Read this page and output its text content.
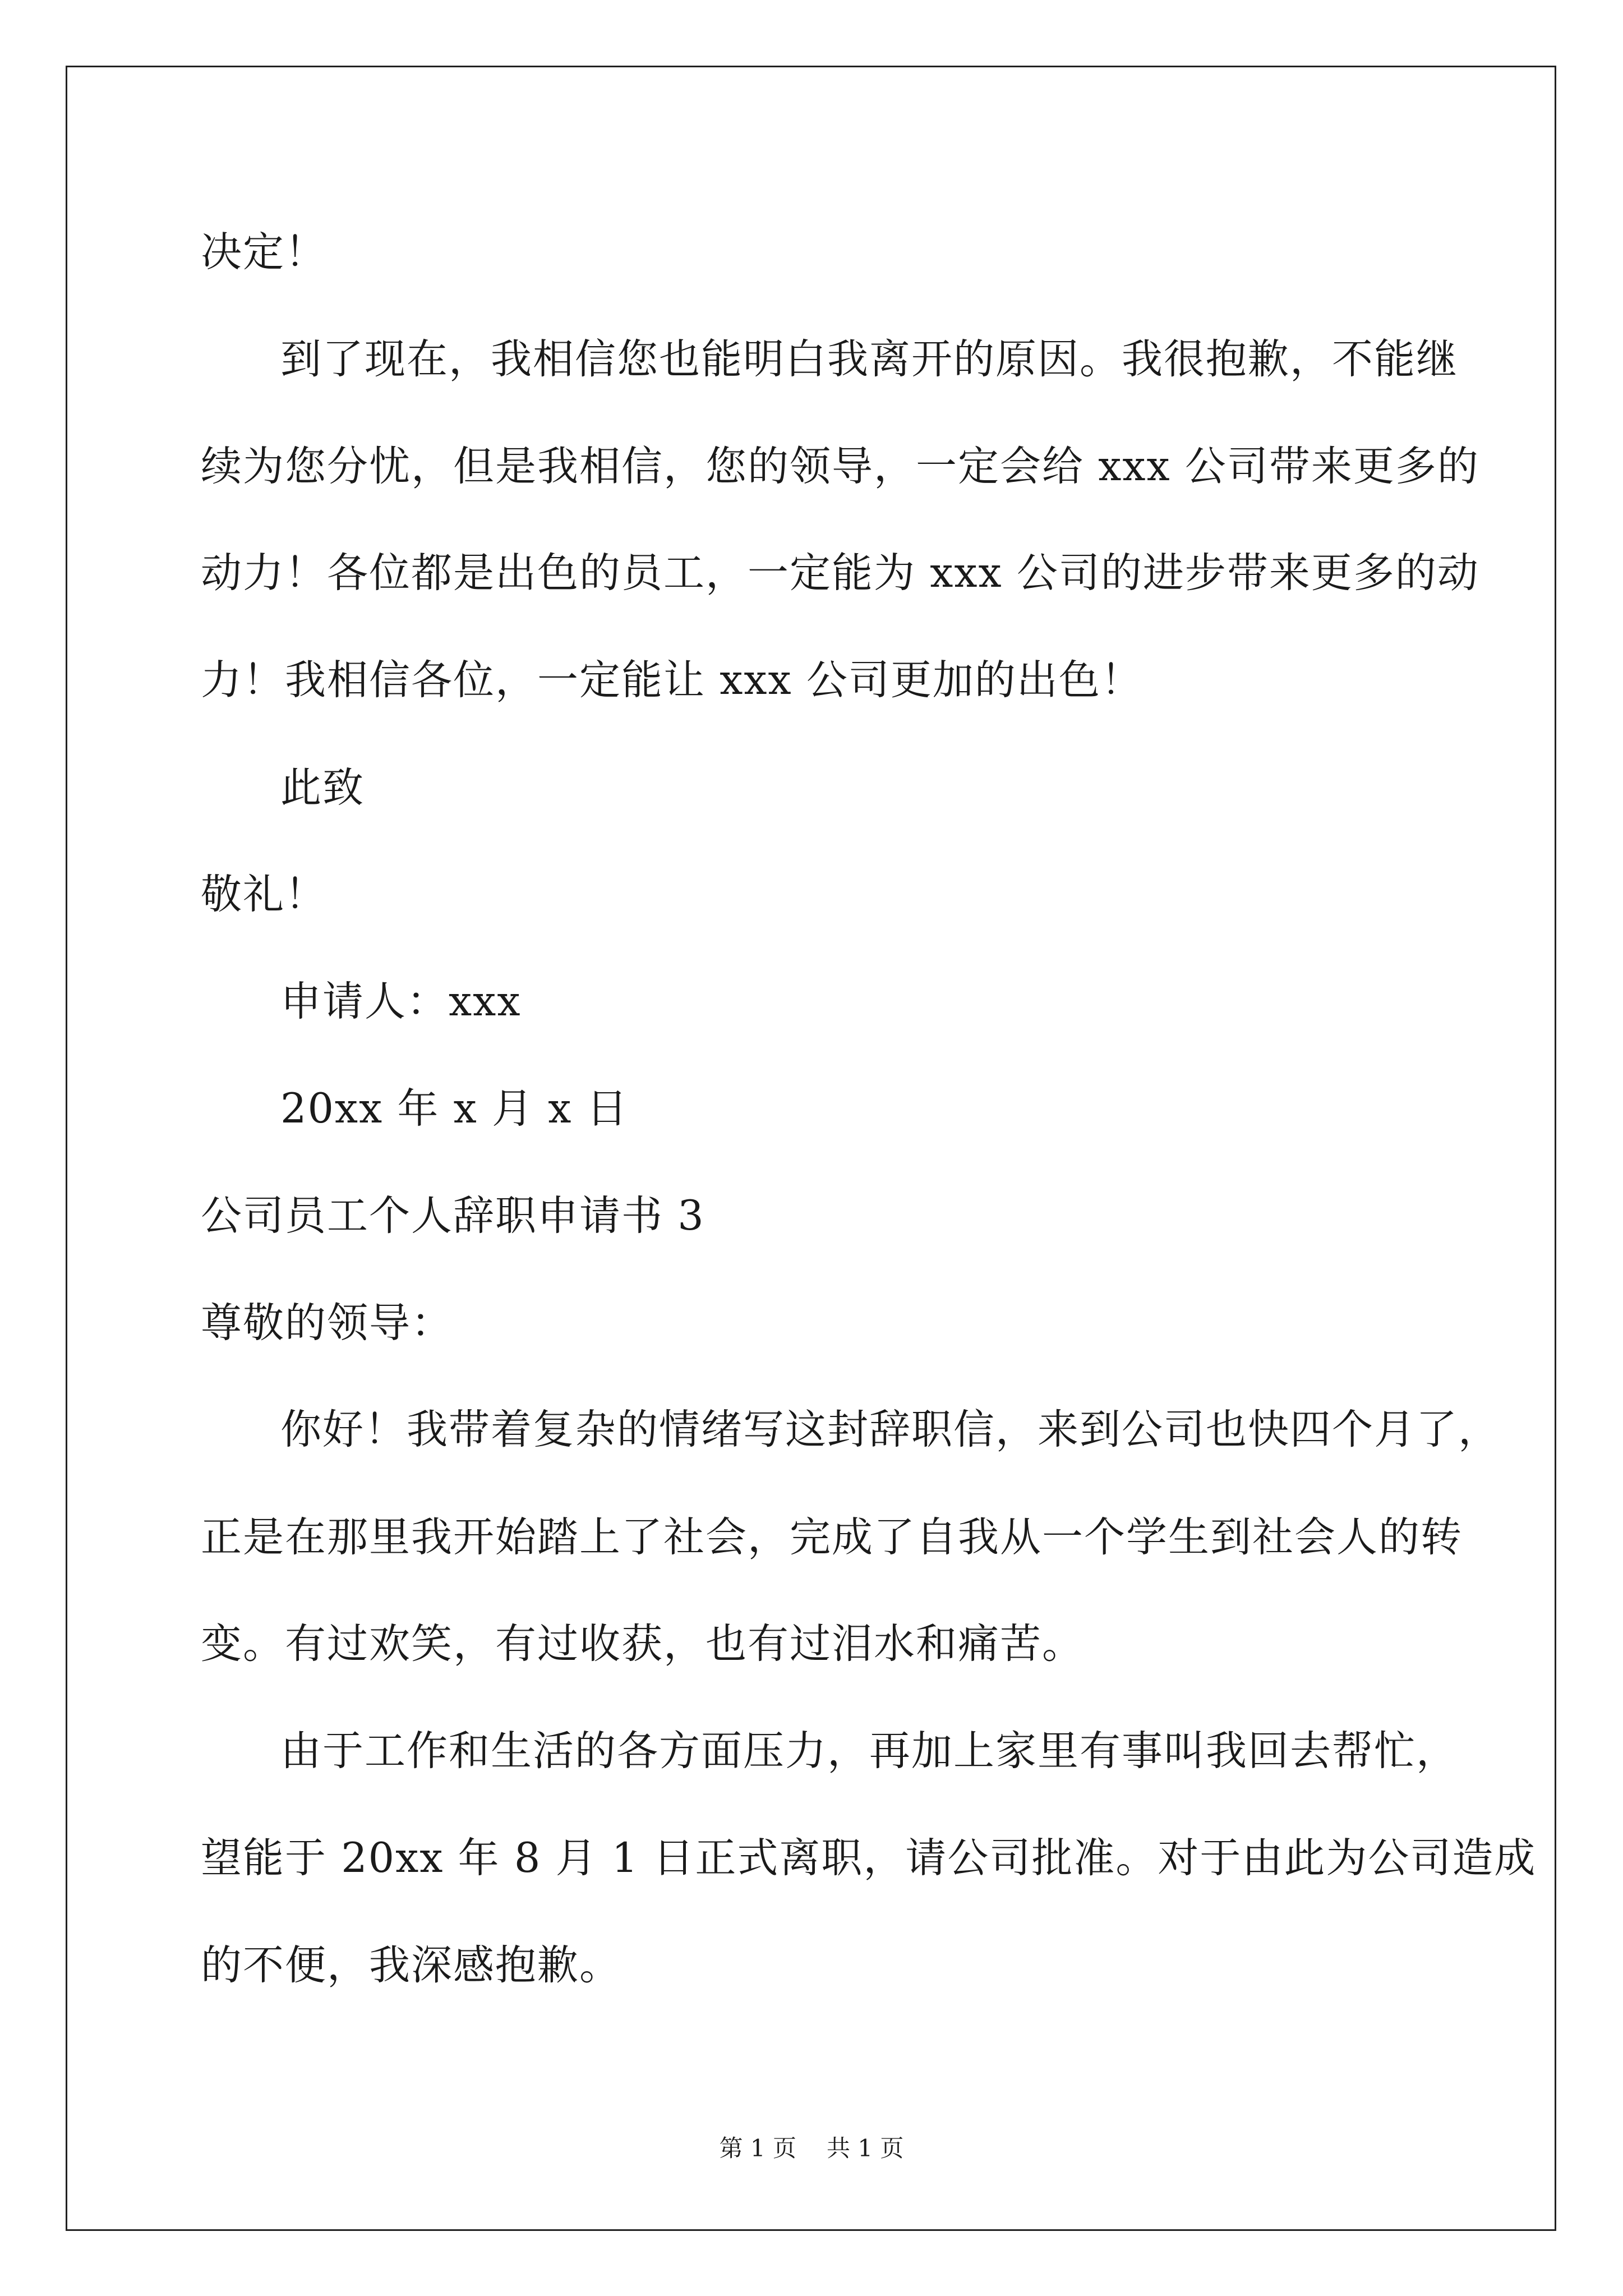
决定！
到了现在，我相信您也能明白我离开的原因。我很抱歉，不能继
续为您分忧，但是我相信，您的领导，一定会给 xxx 公司带来更多的
动力！各位都是出色的员工，一定能为 xxx 公司的进步带来更多的动
力！我相信各位，一定能让 xxx 公司更加的出色！
此致
敬礼！
申请人：xxx
20xx 年 x 月 x 日
公司员工个人辞职申请书 3
尊敬的领导：
你好！我带着复杂的情绪写这封辞职信，来到公司也快四个月了，
正是在那里我开始踏上了社会，完成了自我从一个学生到社会人的转
变。有过欢笑，有过收获，也有过泪水和痛苦。
由于工作和生活的各方面压力，再加上家里有事叫我回去帮忙，
望能于 20xx 年 8 月 1 日正式离职，请公司批准。对于由此为公司造成
的不便，我深感抱歉。
第 1 页 共 1 页
